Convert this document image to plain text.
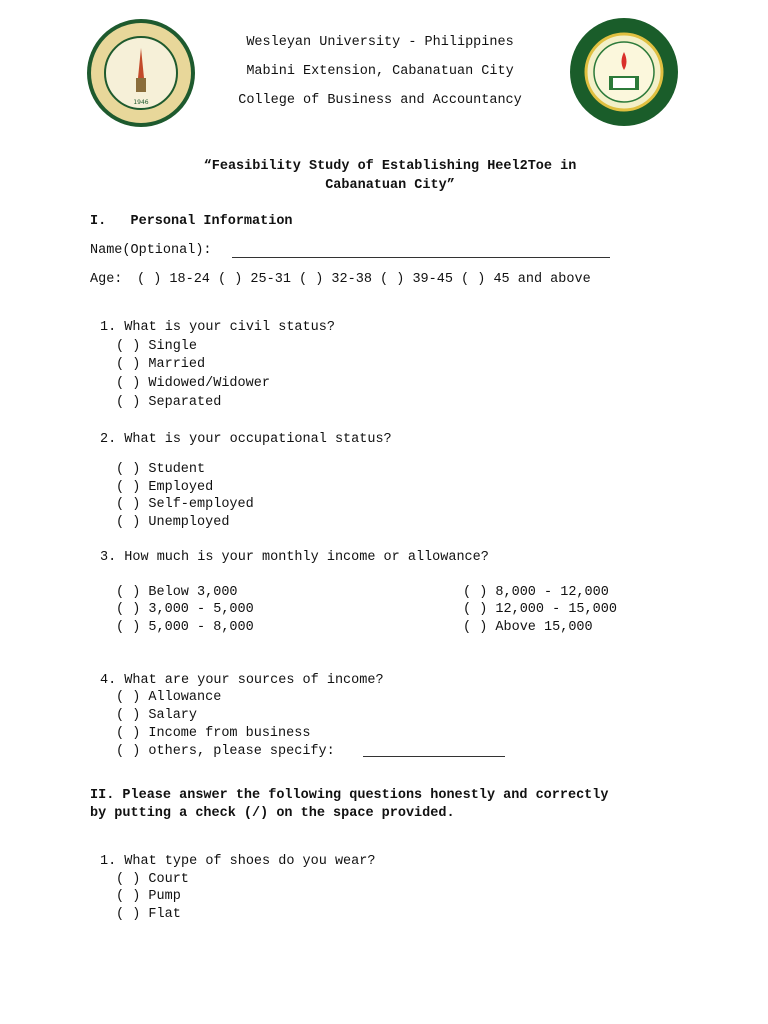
1946
Wesleyan University - Philippines
Mabini Extension, Cabanatuan City
College of Business and Accountancy
“Feasibility Study of Establishing Heel2Toe in
Cabanatuan City”
I.   Personal Information
Name(Optional):
Age: ( ) 18-24 ( ) 25-31 ( ) 32-38 ( ) 39-45 ( ) 45 and above
1. What is your civil status?
( ) Single
( ) Married
( ) Widowed/Widower
( ) Separated
2. What is your occupational status?
( ) Student
( ) Employed
( ) Self-employed
( ) Unemployed
3. How much is your monthly income or allowance?
( ) Below 3,000
( ) 3,000 - 5,000
( ) 5,000 - 8,000
( ) 8,000 - 12,000
( ) 12,000 - 15,000
( ) Above 15,000
4. What are your sources of income?
( ) Allowance
( ) Salary
( ) Income from business
( ) others, please specify:
II. Please answer the following questions honestly and correctly
by putting a check (/) on the space provided.
1. What type of shoes do you wear?
( ) Court
( ) Pump
( ) Flat
